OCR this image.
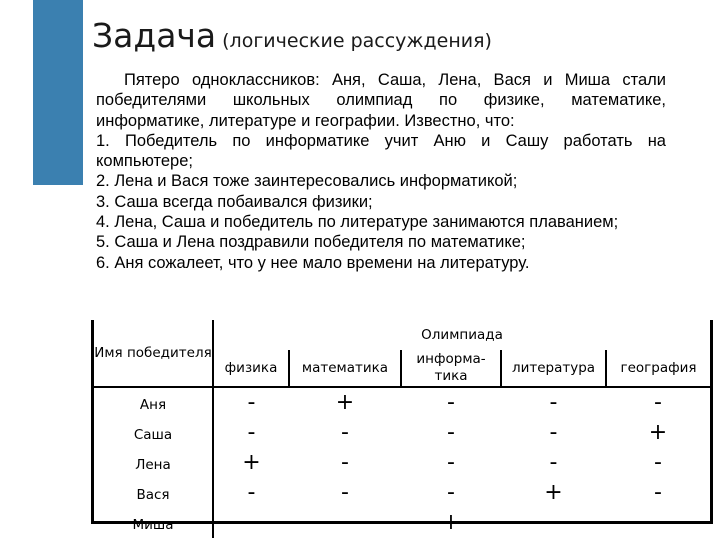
Задача (логические рассуждения)

Пятеро одноклассников: Аня, Саша, Лена, Вася и Миша стали победителями школьных олимпиад по физике, математике, информатике, литературе и географии. Известно, что:

1. Победитель по информатике учит Аню и Сашу работать на компьютере;

2. Лена и Вася тоже заинтересовались информатикой;

3. Саша всегда побаивался физики;

4. Лена, Саша и победитель по литературе занимаются плаванием;

5. Саша и Лена поздравили победителя по математике;

6. Аня сожалеет, что у нее мало времени на литературу.

Имя победителя	Олимпиада				
	физика	математика	информа-тика	литература	география
Аня	-	+	-	-	-
Саша	-	-	-	-	+
Лена	+	-	-	-	-
Вася	-	-	-	+	-
Миша	-	-	+	-	-
